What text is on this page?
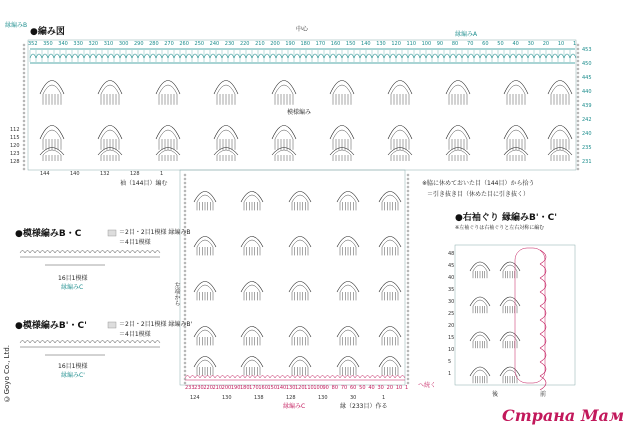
●編み図
縁編みB
中心
縁編みA
模様編み
※脇に休めておいた目（144目）から拾う
＝引き抜き目（休めた目に引き抜く）
袖（144目）編む
縁編みC	縁（233目）作る
へ続く
352 350 340 330 320 310 300 290 280 270 260 250 240 230 220 210 200 190 180 170 160 150 140 130 120 110 100 90 80 70 60 50 40 30 20 10 1
453
450
445
440
439
242
240
235
231
112
115
120
123
128
144	140	132	128	1
233 230 220 210 200 190 180 170 160 150 140 130 120 110 100 90 80 70 60 50 40 30 20 10 1
124	130	138	128	130	30	1
48
45
40
35
30
25
20
15
10
5
1
●模様編みB・C	＝2目・2目1模様 縁編みB
＝4目1模様
16目1模様
縁編みC
●模様編みB'・C'	＝2目・2目1模様 縁編みB'
＝4目1模様
16目1模様
縁編みC'
●右袖ぐり 縁編みB'・C'
※左袖ぐりは右袖ぐりと左右対称に編む
後	前
左端から
©Goyo Co., Ltd.
Страна Мам
